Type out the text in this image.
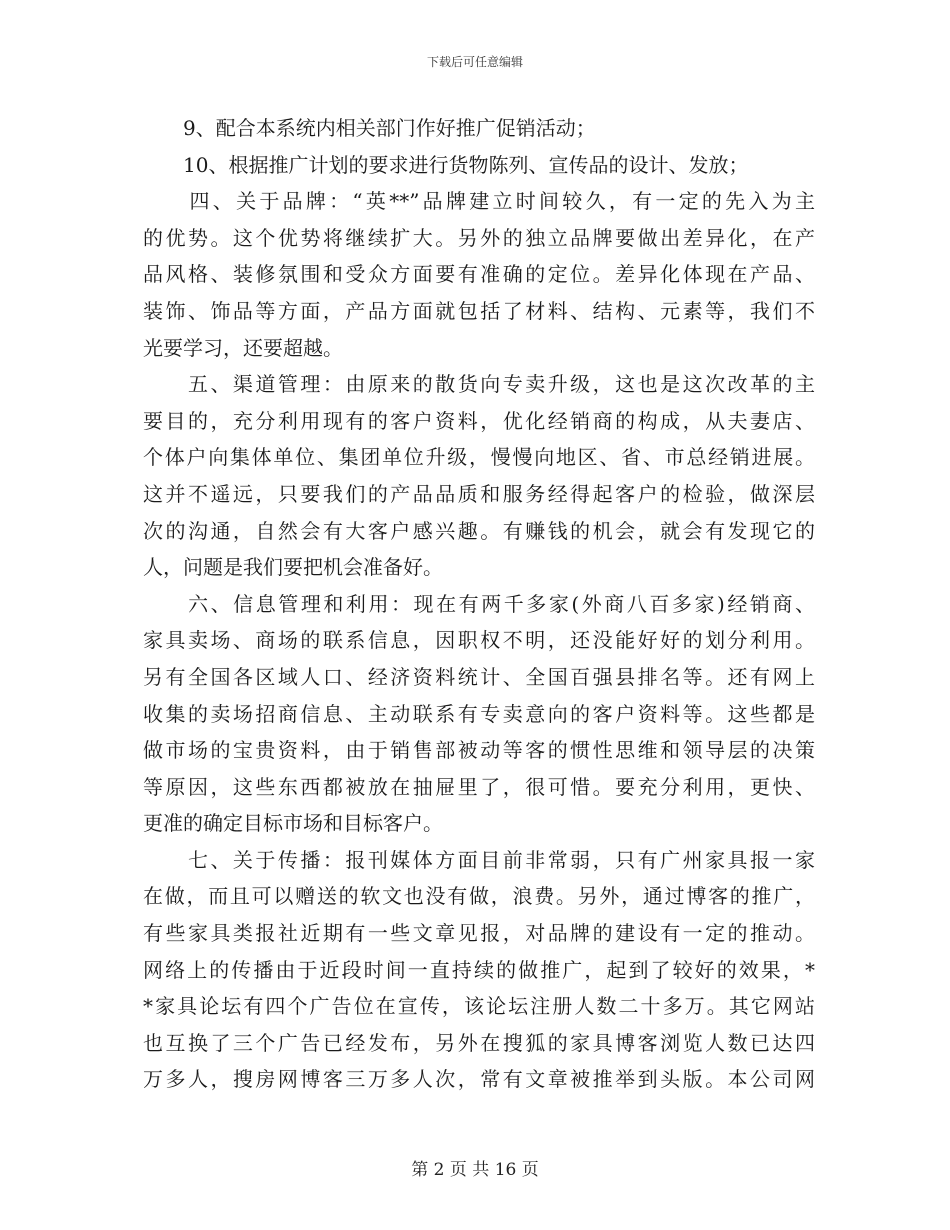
下载后可任意编辑
　　9、配合本系统内相关部门作好推广促销活动；
　　10、根据推广计划的要求进行货物陈列、宣传品的设计、发放；
　　四、关于品牌：“英**”品牌建立时间较久，有一定的先入为主
的优势。这个优势将继续扩大。另外的独立品牌要做出差异化，在产
品风格、装修氛围和受众方面要有准确的定位。差异化体现在产品、
装饰、饰品等方面，产品方面就包括了材料、结构、元素等，我们不
光要学习，还要超越。
　　五、渠道管理：由原来的散货向专卖升级，这也是这次改革的主
要目的，充分利用现有的客户资料，优化经销商的构成，从夫妻店、
个体户向集体单位、集团单位升级，慢慢向地区、省、市总经销进展。
这并不遥远，只要我们的产品品质和服务经得起客户的检验，做深层
次的沟通，自然会有大客户感兴趣。有赚钱的机会，就会有发现它的
人，问题是我们要把机会准备好。
　　六、信息管理和利用：现在有两千多家(外商八百多家)经销商、
家具卖场、商场的联系信息，因职权不明，还没能好好的划分利用。
另有全国各区域人口、经济资料统计、全国百强县排名等。还有网上
收集的卖场招商信息、主动联系有专卖意向的客户资料等。这些都是
做市场的宝贵资料，由于销售部被动等客的惯性思维和领导层的决策
等原因，这些东西都被放在抽屉里了，很可惜。要充分利用，更快、
更准的确定目标市场和目标客户。
　　七、关于传播：报刊媒体方面目前非常弱，只有广州家具报一家
在做，而且可以赠送的软文也没有做，浪费。另外，通过博客的推广，
有些家具类报社近期有一些文章见报，对品牌的建设有一定的推动。
网络上的传播由于近段时间一直持续的做推广，起到了较好的效果，*
*家具论坛有四个广告位在宣传，该论坛注册人数二十多万。其它网站
也互换了三个广告已经发布，另外在搜狐的家具博客浏览人数已达四
万多人，搜房网博客三万多人次，常有文章被推举到头版。本公司网
第 2 页 共 16 页
